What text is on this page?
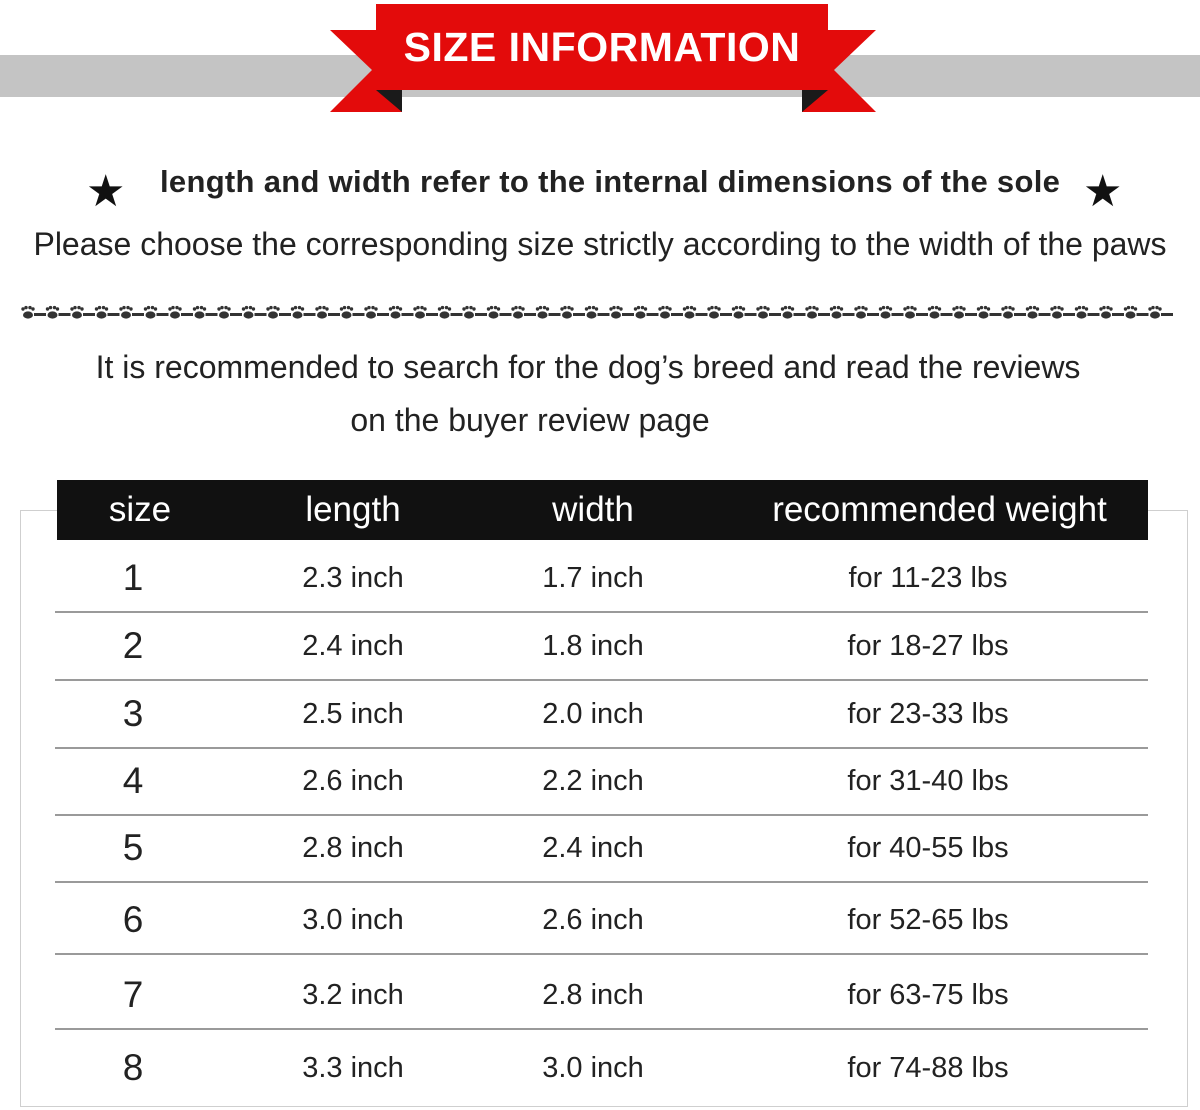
SIZE INFORMATION
★ length and width refer to the internal dimensions of the sole ★
Please choose the corresponding size strictly according to the width of the paws
It is recommended to search for the dog’s breed and read the reviews
on the buyer review page
size	length	width	recommended weight
1	2.3 inch	1.7 inch	for 11-23 lbs
2	2.4 inch	1.8 inch	for 18-27 lbs
3	2.5 inch	2.0 inch	for 23-33 lbs
4	2.6 inch	2.2 inch	for 31-40 lbs
5	2.8 inch	2.4 inch	for 40-55 lbs
6	3.0 inch	2.6 inch	for 52-65 lbs
7	3.2 inch	2.8 inch	for 63-75 lbs
8	3.3 inch	3.0 inch	for 74-88 lbs
